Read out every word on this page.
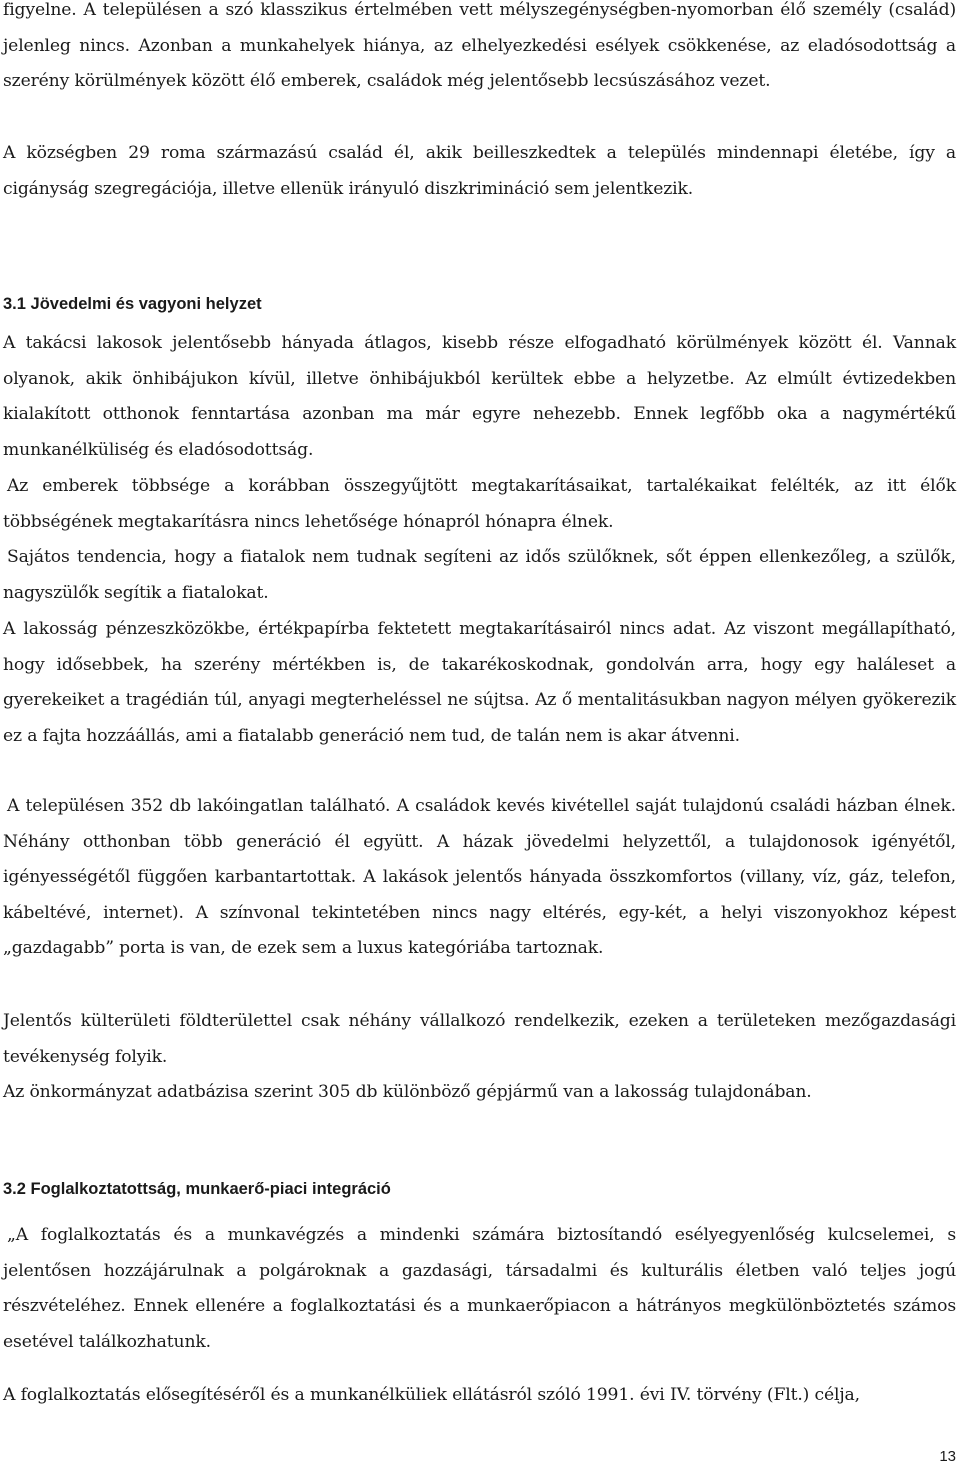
figyelne. A településen a szó klasszikus értelmében vett mélyszegénységben-nyomorban élő személy (család) jelenleg nincs. Azonban a munkahelyek hiánya, az elhelyezkedési esélyek csökkenése, az eladósodottság a szerény körülmények között élő emberek, családok még jelentősebb lecsúszásához vezet.

A községben 29 roma származású család él, akik beilleszkedtek a település mindennapi életébe, így a cigányság szegregációja, illetve ellenük irányuló diszkrimináció sem jelentkezik.

3.1 Jövedelmi és vagyoni helyzet

A takácsi lakosok jelentősebb hányada átlagos, kisebb része elfogadható körülmények között él. Vannak olyanok, akik önhibájukon kívül, illetve önhibájukból kerültek ebbe a helyzetbe. Az elmúlt évtizedekben kialakított otthonok fenntartása azonban ma már egyre nehezebb. Ennek legfőbb oka a nagymértékű munkanélküliség és eladósodottság.

Az emberek többsége a korábban összegyűjtött megtakarításaikat, tartalékaikat felélték, az itt élők többségének megtakarításra nincs lehetősége hónapról hónapra élnek.

Sajátos tendencia, hogy a fiatalok nem tudnak segíteni az idős szülőknek, sőt éppen ellenkezőleg, a szülők, nagyszülők segítik a fiatalokat.

A lakosság pénzeszközökbe, értékpapírba fektetett megtakarításairól nincs adat. Az viszont megállapítható, hogy idősebbek, ha szerény mértékben is, de takarékoskodnak, gondolván arra, hogy egy haláleset a gyerekeiket a tragédián túl, anyagi megterheléssel ne sújtsa. Az ő mentalitásukban nagyon mélyen gyökerezik ez a fajta hozzáállás, ami a fiatalabb generáció nem tud, de talán nem is akar átvenni.

A településen 352 db lakóingatlan található. A családok kevés kivétellel saját tulajdonú családi házban élnek. Néhány otthonban több generáció él együtt. A házak jövedelmi helyzettől, a tulajdonosok igényétől, igényességétől függően karbantartottak. A lakások jelentős hányada összkomfortos (villany, víz, gáz, telefon, kábeltévé, internet). A színvonal tekintetében nincs nagy eltérés, egy-két, a helyi viszonyokhoz képest „gazdagabb” porta is van, de ezek sem a luxus kategóriába tartoznak.

Jelentős külterületi földterülettel csak néhány vállalkozó rendelkezik, ezeken a területeken mezőgazdasági tevékenység folyik.

Az önkormányzat adatbázisa szerint 305 db különböző gépjármű van a lakosság tulajdonában.

3.2 Foglalkoztatottság, munkaerő-piaci integráció

„A foglalkoztatás és a munkavégzés a mindenki számára biztosítandó esélyegyenlőség kulcselemei, s jelentősen hozzájárulnak a polgároknak a gazdasági, társadalmi és kulturális életben való teljes jogú részvételéhez. Ennek ellenére a foglalkoztatási és a munkaerőpiacon a hátrányos megkülönböztetés számos esetével találkozhatunk.

A foglalkoztatás elősegítéséről és a munkanélküliek ellátásról szóló 1991. évi IV. törvény (Flt.) célja,

13
